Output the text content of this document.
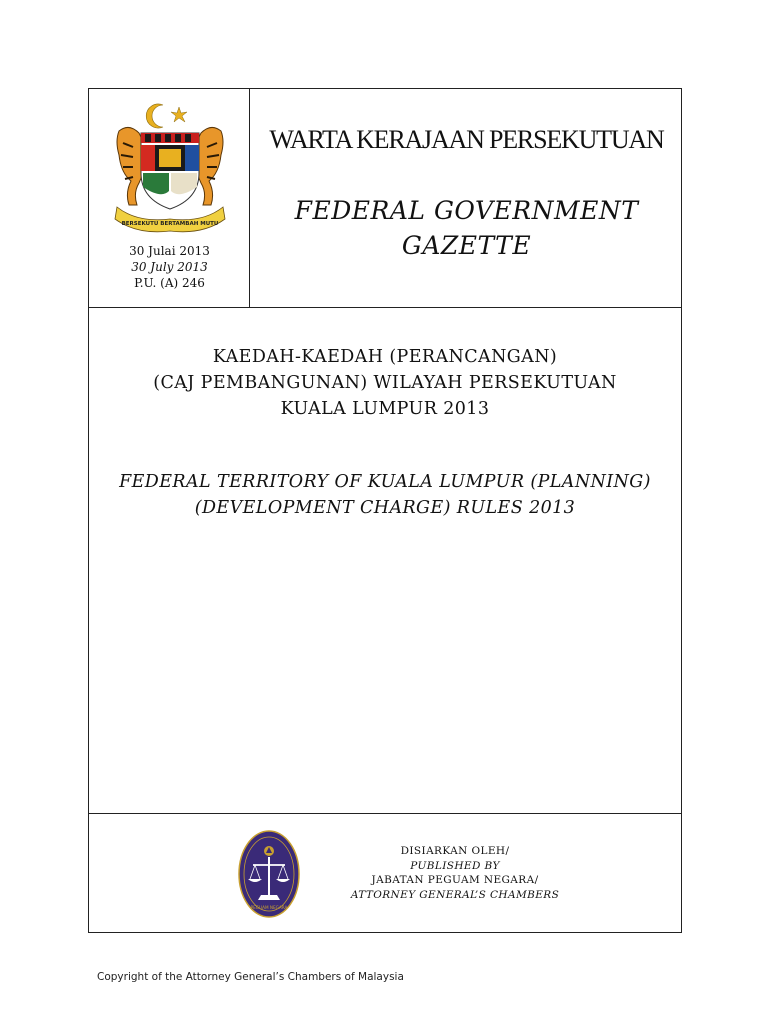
BERSEKUTU BERTAMBAH MUTU
30 Julai 2013
30 July 2013
P.U. (A) 246
WARTA KERAJAAN PERSEKUTUAN
FEDERAL GOVERNMENT
GAZETTE
KAEDAH-KAEDAH (PERANCANGAN)
(CAJ PEMBANGUNAN) WILAYAH PERSEKUTUAN
KUALA LUMPUR 2013
FEDERAL TERRITORY OF KUALA LUMPUR (PLANNING)
(DEVELOPMENT CHARGE) RULES 2013
PEGUAM NEGARA
DISIARKAN OLEH/
PUBLISHED BY
JABATAN PEGUAM NEGARA/
ATTORNEY GENERAL’S CHAMBERS
Copyright of the Attorney General’s Chambers of Malaysia
